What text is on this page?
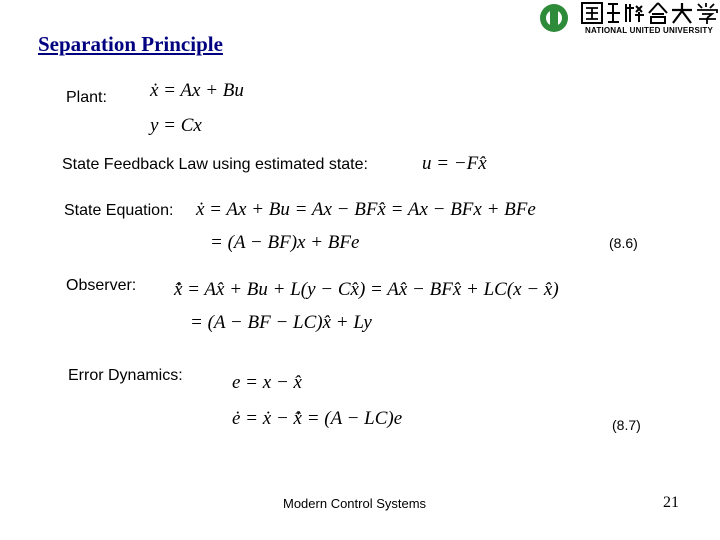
Separation Principle
NATIONAL UNITED UNIVERSITY
Plant: ẋ = Ax + Bu
y = Cx
State Feedback Law using estimated state:	u = −Fx̂
State Equation: ẋ = Ax + Bu = Ax − BFx̂ = Ax − BFx + BFe
= (A − BF)x + BFe	(8.6)
Observer: x̂̇ = Ax̂ + Bu + L(y − Cx̂) = Ax̂ − BFx̂ + LC(x − x̂)
= (A − BF − LC)x̂ + Ly
Error Dynamics:	e = x − x̂
ė = ẋ − x̂̇ = (A − LC)e	(8.7)
Modern Control Systems	21
